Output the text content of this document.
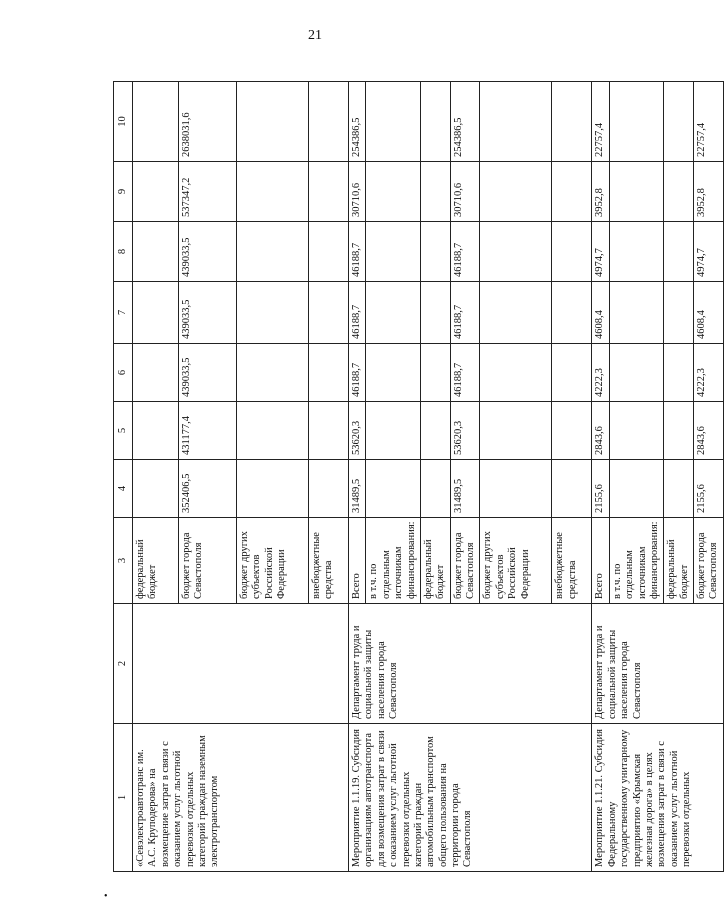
21
1	2	3	4	5	6	7	8	9	10
«Севэлектроавтотранс им. А.С. Круподерова» на возмещение затрат в связи с оказанием услуг льготной перевозки отдельных категорий граждан наземным электротранспортом		федеральный бюджет							
		бюджет города Севастополя	352406,5	431177,4	439033,5	439033,5	439033,5	537347,2	2638031,6
		бюджет других субъектов Российской Федерации							
		внебюджетные средства							
Мероприятие 1.1.19. Субсидия организациям автотранспорта для возмещения затрат в связи с оказанием услуг льготной перевозки отдельных категорий граждан автомобильным транспортом общего пользования на территории города Севастополя	Департамент труда и социальной защиты населения города Севастополя	Всего	31489,5	53620,3	46188,7	46188,7	46188,7	30710,6	254386,5
		в т.ч. по отдельным источникам финансирования:							
		федеральный бюджет							
		бюджет города Севастополя	31489,5	53620,3	46188,7	46188,7	46188,7	30710,6	254386,5
		бюджет других субъектов Российской Федерации							
		внебюджетные средства							
Мероприятие 1.1.21. Субсидия Федеральному государственному унитарному предприятию «Крымская железная дорога» в целях возмещения затрат в связи с оказанием услуг льготной перевозки отдельных	Департамент труда и социальной защиты населения города Севастополя	Всего	2155,6	2843,6	4222,3	4608,4	4974,7	3952,8	22757,4
		в т.ч. по отдельным источникам финансирования:							
		федеральный бюджет							
		бюджет города Севастополя	2155,6	2843,6	4222,3	4608,4	4974,7	3952,8	22757,4
•
